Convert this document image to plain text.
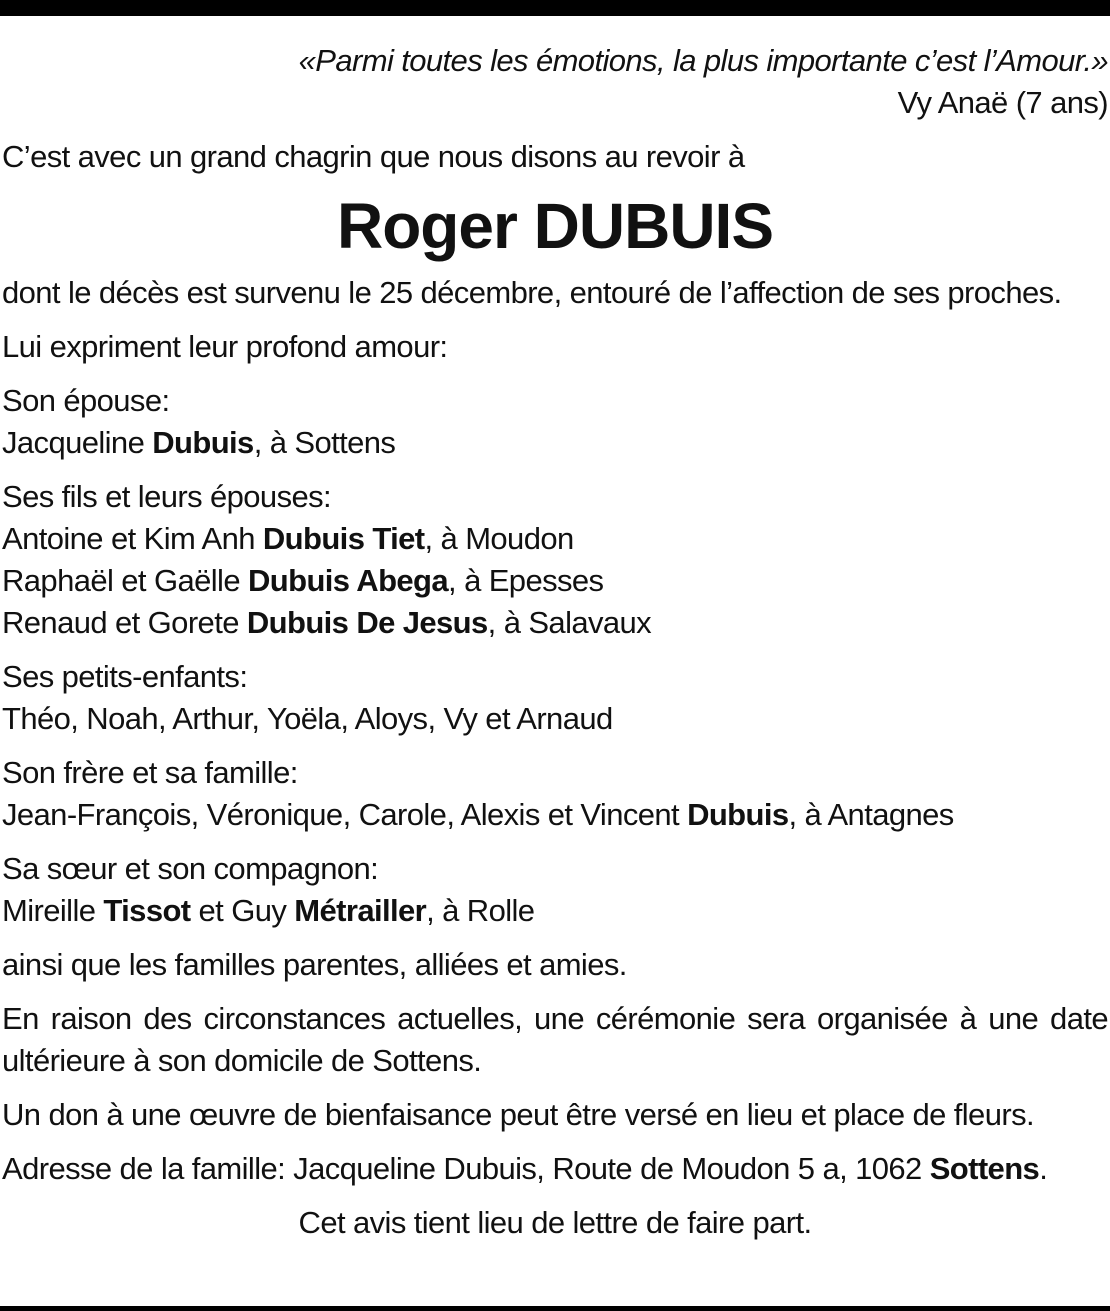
«Parmi toutes les émotions, la plus importante c’est l’Amour.»

Vy Anaë (7 ans)

C’est avec un grand chagrin que nous disons au revoir à

Roger DUBUIS

dont le décès est survenu le 25 décembre, entouré de l’affection de ses proches.

Lui expriment leur profond amour:

Son épouse:

Jacqueline Dubuis, à Sottens

Ses fils et leurs épouses:

Antoine et Kim Anh Dubuis Tiet, à Moudon

Raphaël et Gaëlle Dubuis Abega, à Epesses

Renaud et Gorete Dubuis De Jesus, à Salavaux

Ses petits-enfants:

Théo, Noah, Arthur, Yoëla, Aloys, Vy et Arnaud

Son frère et sa famille:

Jean-François, Véronique, Carole, Alexis et Vincent Dubuis, à Antagnes

Sa sœur et son compagnon:

Mireille Tissot et Guy Métrailler, à Rolle

ainsi que les familles parentes, alliées et amies.

En raison des circonstances actuelles, une cérémonie sera organisée à une date ultérieure à son domicile de Sottens.

Un don à une œuvre de bienfaisance peut être versé en lieu et place de fleurs.

Adresse de la famille: Jacqueline Dubuis, Route de Moudon 5 a, 1062 Sottens.

Cet avis tient lieu de lettre de faire part.
